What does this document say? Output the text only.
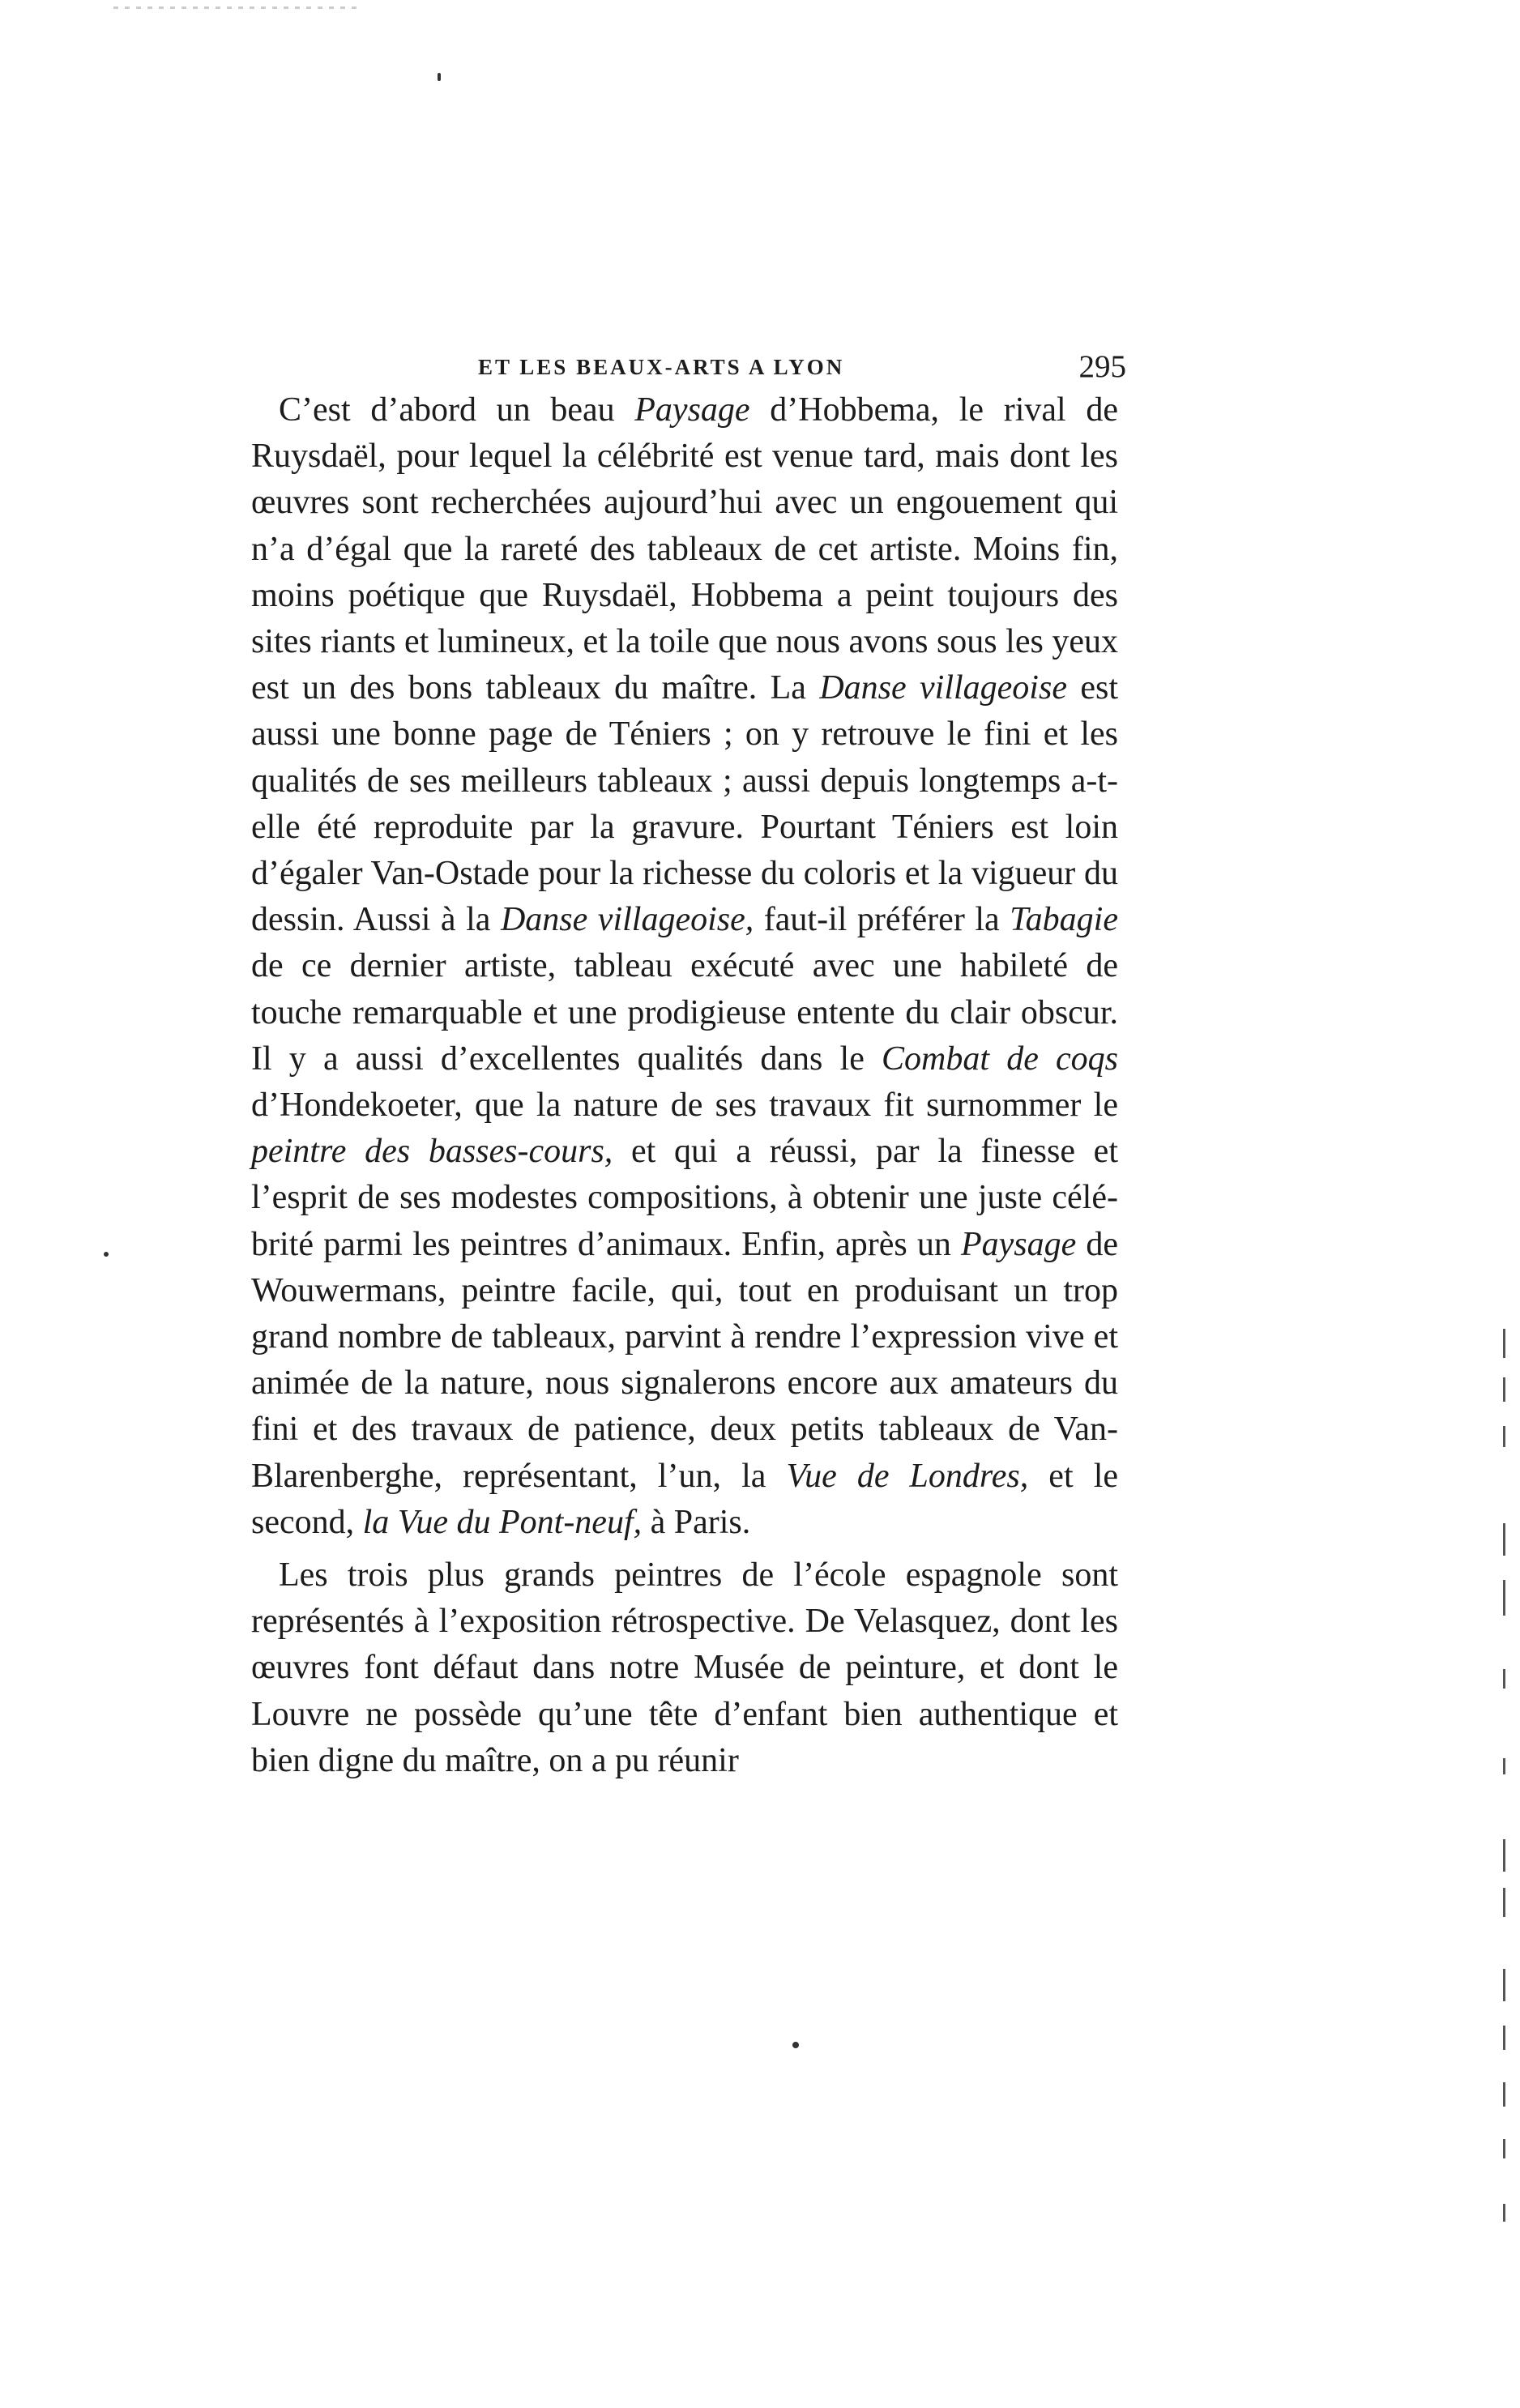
ET LES BEAUX-ARTS A LYON	295

C’est d’abord un beau Paysage d’Hobbema, le rival de Ruysdaël, pour lequel la célébrité est venue tard, mais dont les œuvres sont recherchées aujourd’hui avec un engouement qui n’a d’égal que la rareté des tableaux de cet artiste. Moins fin, moins poétique que Ruysdaël, Hobbema a peint toujours des sites riants et lumineux, et la toile que nous avons sous les yeux est un des bons tableaux du maître. La Danse villageoise est aussi une bonne page de Téniers ; on y retrouve le fini et les qualités de ses meilleurs tableaux ; aussi depuis longtemps a-t-elle été reproduite par la gravure. Pourtant Téniers est loin d’égaler Van-Ostade pour la richesse du coloris et la vigueur du dessin. Aussi à la Danse villageoise, faut-il préférer la Tabagie de ce dernier artiste, tableau exécuté avec une habileté de touche remarquable et une prodigieuse entente du clair obscur. Il y a aussi d’excellentes qualités dans le Combat de coqs d’Hondekoeter, que la nature de ses travaux fit surnommer le peintre des basses-cours, et qui a réussi, par la finesse et l’esprit de ses modestes compositions, à obtenir une juste célébrité parmi les peintres d’animaux. Enfin, après un Paysage de Wouwermans, peintre facile, qui, tout en produisant un trop grand nombre de tableaux, parvint à rendre l’expression vive et animée de la nature, nous signalerons encore aux amateurs du fini et des travaux de patience, deux petits tableaux de Van-Blarenberghe, représentant, l’un, la Vue de Londres, et le second, la Vue du Pont-neuf, à Paris.

Les trois plus grands peintres de l’école espagnole sont représentés à l’exposition rétrospective. De Velasquez, dont les œuvres font défaut dans notre Musée de peinture, et dont le Louvre ne possède qu’une tête d’enfant bien authentique et bien digne du maître, on a pu réunir
